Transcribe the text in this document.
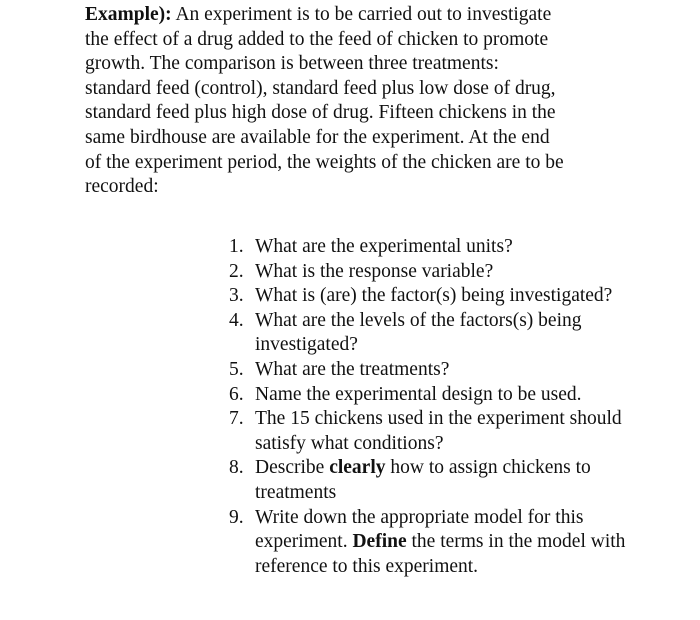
Example): An experiment is to be carried out to investigate the effect of a drug added to the feed of chicken to promote growth. The comparison is between three treatments: standard feed (control), standard feed plus low dose of drug, standard feed plus high dose of drug. Fifteen chickens in the same birdhouse are available for the experiment. At the end of the experiment period, the weights of the chicken are to be recorded:

1. What are the experimental units?
2. What is the response variable?
3. What is (are) the factor(s) being investigated?
4. What are the levels of the factors(s) being investigated?
5. What are the treatments?
6. Name the experimental design to be used.
7. The 15 chickens used in the experiment should satisfy what conditions?
8. Describe clearly how to assign chickens to treatments
9. Write down the appropriate model for this experiment. Define the terms in the model with reference to this experiment.
